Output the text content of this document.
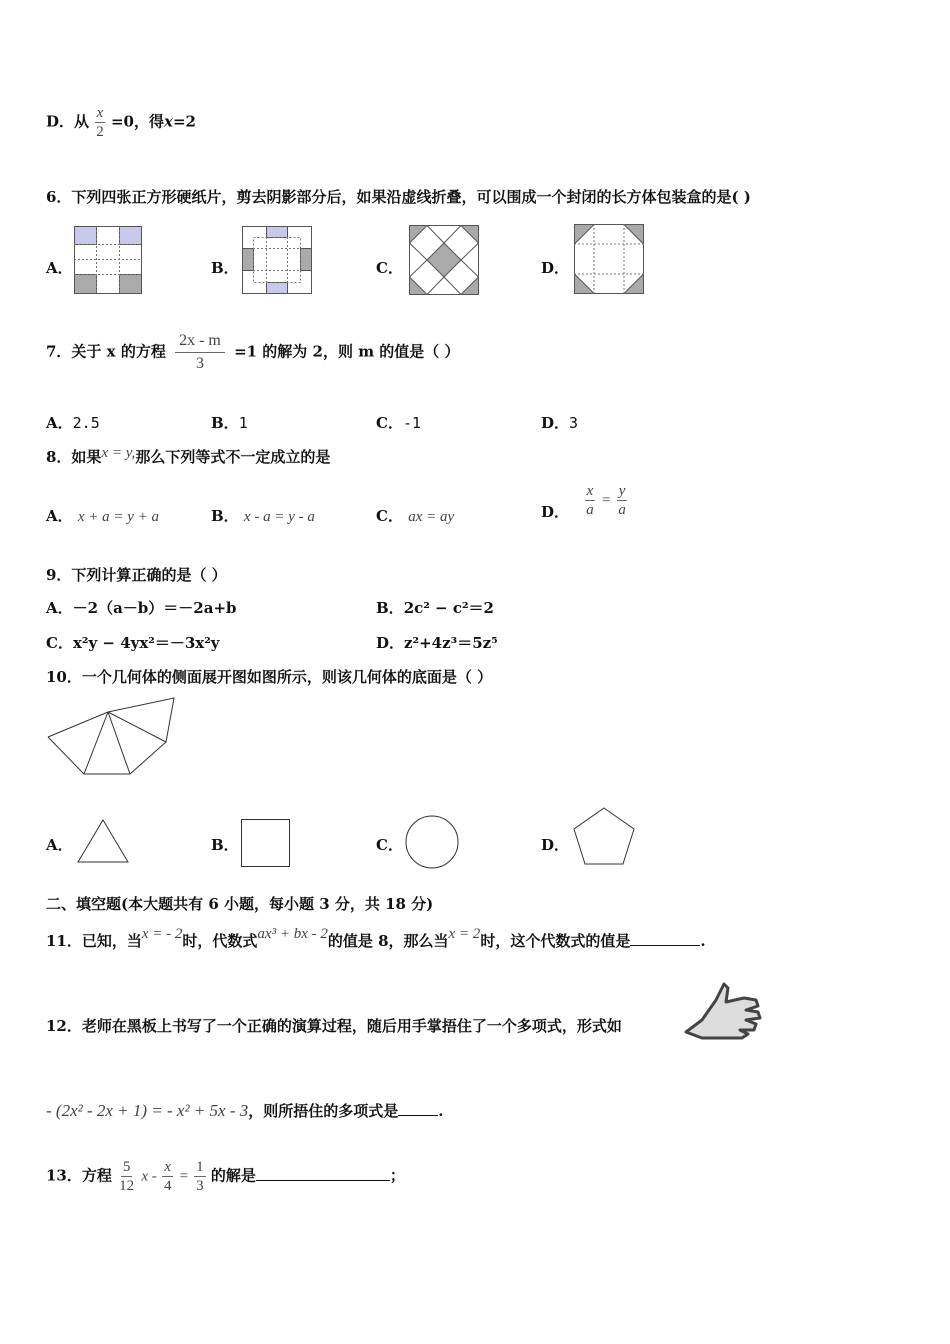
D．从 $\frac{x}{2} =0$，得x=2
6．下列四张正方形硬纸片，剪去阴影部分后，如果沿虚线折叠，可以围成一个封闭的长方体包装盒的是( )
A．	B．	C．	D．
7．关于 x 的方程 $\frac{2x - m}{3} =1$ 的解为 2，则 m 的值是（ ）
A．2.5	B．1	C．-1	D．3
8．如果x = y,那么下列等式不一定成立的是
A． x + a = y + a	B． x - a = y - a	C． ax = ay	D． $\frac{x}{a} = \frac{y}{a}$
9．下列计算正确的是（ ）
A．－2（a－b）＝－2a+b	B．2c² − c²＝2
C．x²y − 4yx²＝－3x²y	D．z²+4z³＝5z⁵
10．一个几何体的侧面展开图如图所示，则该几何体的底面是（ ）
A．	B．	C．	D．
二、填空题(本大题共有 6 小题，每小题 3 分，共 18 分)
11．已知，当x = - 2时，代数式ax³ + bx - 2的值是 8，那么当x = 2时，这个代数式的值是	.
12．老师在黑板上书写了一个正确的演算过程，随后用手掌捂住了一个多项式，形式如
- (2x² - 2x + 1) = - x² + 5x - 3，则所捂住的多项式是	.
13．方程 $\frac{5}{12}$ $x - \frac{x}{4} = \frac{1}{3}$ 的解是	；
